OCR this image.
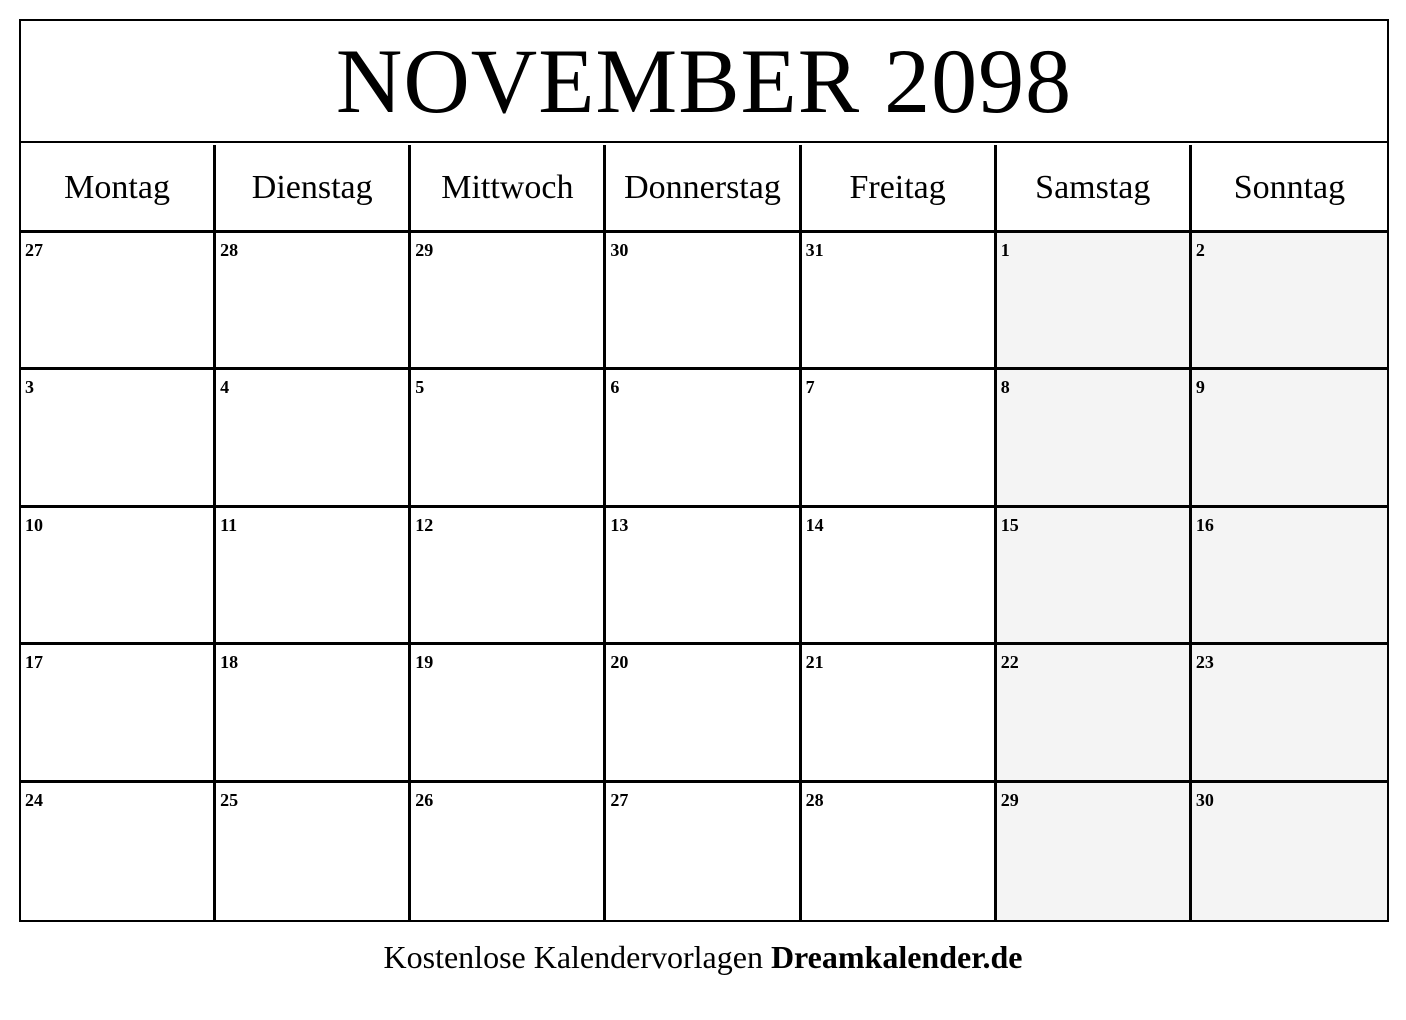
NOVEMBER 2098
Montag	Dienstag	Mittwoch	Donnerstag	Freitag	Samstag	Sonntag
27	28	29	30	31	1	2
3	4	5	6	7	8	9
10	11	12	13	14	15	16
17	18	19	20	21	22	23
24	25	26	27	28	29	30
Kostenlose Kalendervorlagen Dreamkalender.de
